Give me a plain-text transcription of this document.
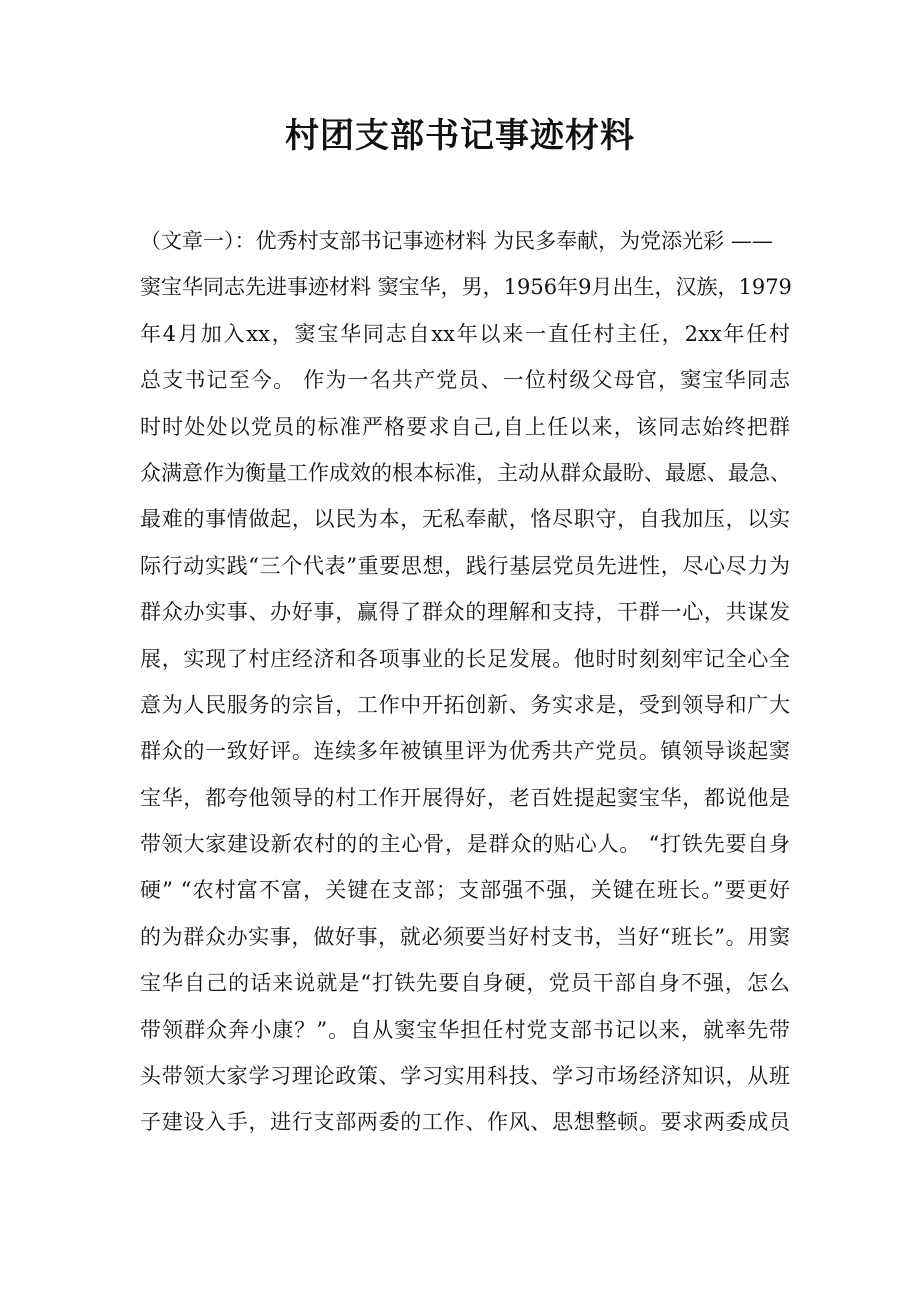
村团支部书记事迹材料
（文章一）：优秀村支部书记事迹材料 为民多奉献，为党添光彩 ——
窦宝华同志先进事迹材料 窦宝华，男，1956年9月出生，汉族，1979
年4月加入xx，窦宝华同志自xx年以来一直任村主任，2xx年任村
总支书记至今。 作为一名共产党员、一位村级父母官，窦宝华同志
时时处处以党员的标准严格要求自己,自上任以来，该同志始终把群
众满意作为衡量工作成效的根本标准，主动从群众最盼、最愿、最急、
最难的事情做起，以民为本，无私奉献，恪尽职守，自我加压，以实
际行动实践“三个代表”重要思想，践行基层党员先进性，尽心尽力为
群众办实事、办好事，赢得了群众的理解和支持，干群一心，共谋发
展，实现了村庄经济和各项事业的长足发展。他时时刻刻牢记全心全
意为人民服务的宗旨，工作中开拓创新、务实求是，受到领导和广大
群众的一致好评。连续多年被镇里评为优秀共产党员。镇领导谈起窦
宝华，都夸他领导的村工作开展得好，老百姓提起窦宝华，都说他是
带领大家建设新农村的的主心骨，是群众的贴心人。 “打铁先要自身
硬” “农村富不富，关键在支部；支部强不强，关键在班长。”要更好
的为群众办实事，做好事，就必须要当好村支书，当好“班长”。用窦
宝华自己的话来说就是“打铁先要自身硬，党员干部自身不强，怎么
带领群众奔小康？”。自从窦宝华担任村党支部书记以来，就率先带
头带领大家学习理论政策、学习实用科技、学习市场经济知识，从班
子建设入手，进行支部两委的工作、作风、思想整顿。要求两委成员
